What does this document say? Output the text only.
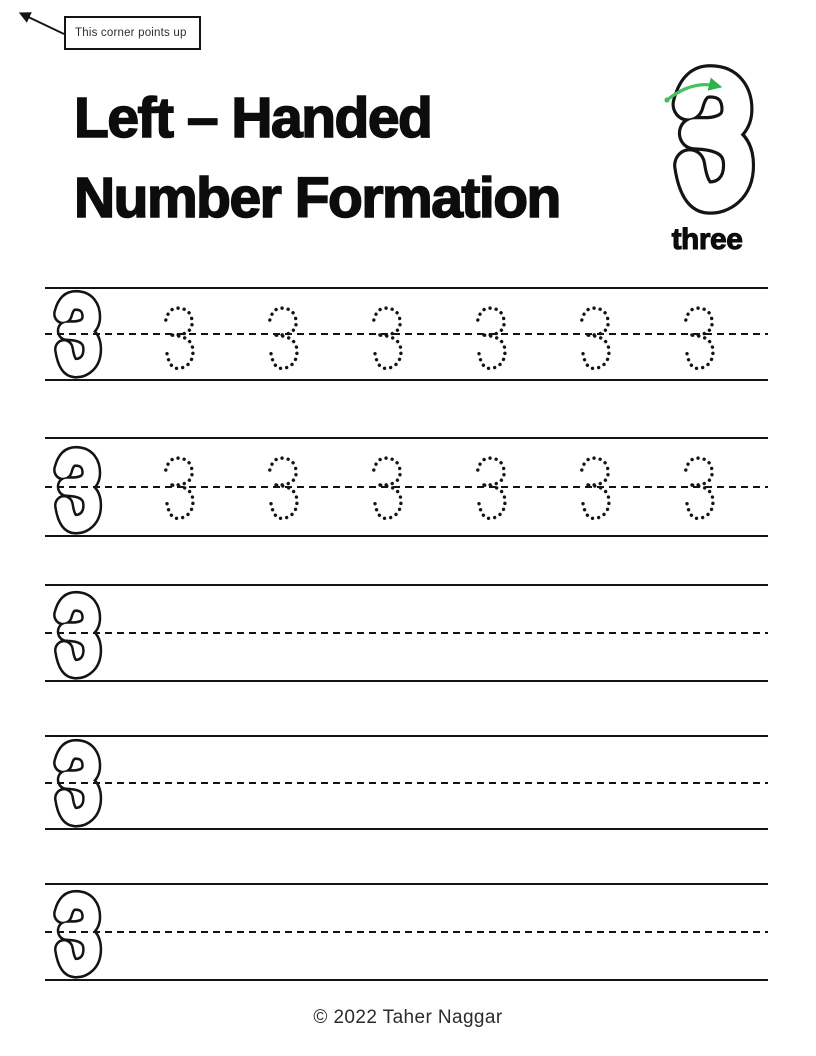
This corner points up
Left – Handed
Number Formation
three
© 2022 Taher Naggar
